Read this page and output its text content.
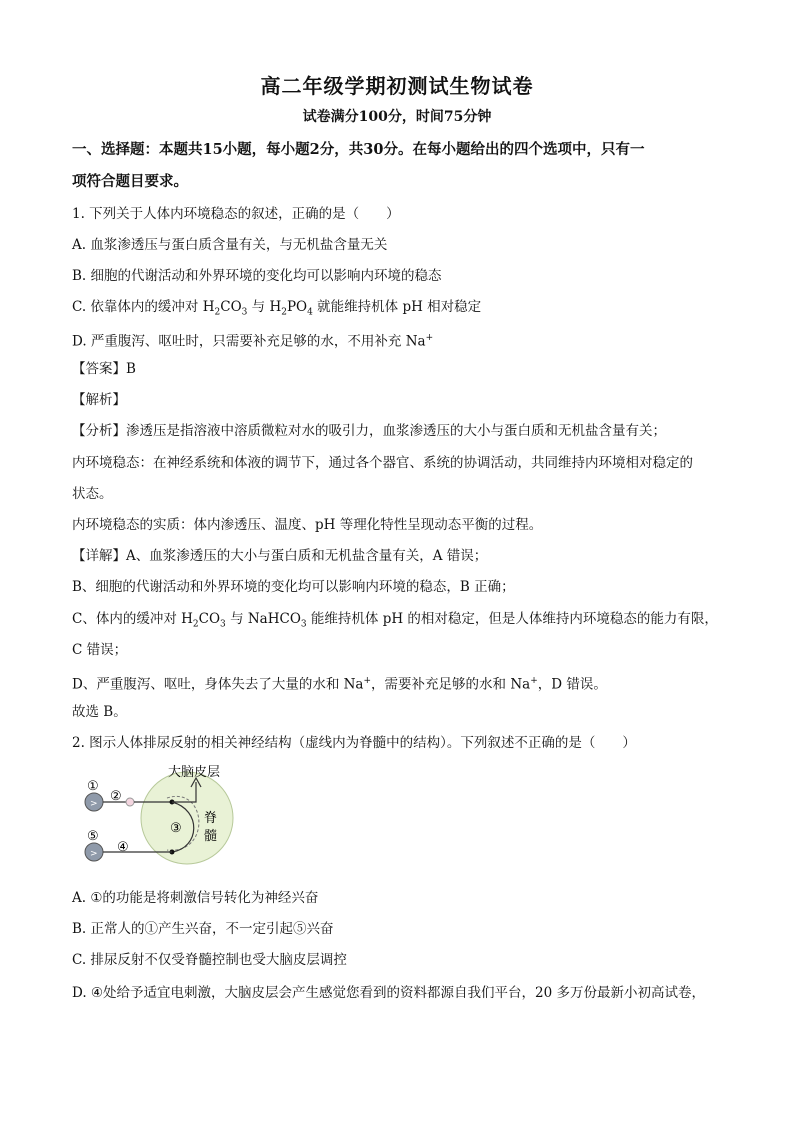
高二年级学期初测试生物试卷
试卷满分100分，时间75分钟
一、选择题：本题共15小题，每小题2分，共30分。在每小题给出的四个选项中，只有一
项符合题目要求。
1. 下列关于人体内环境稳态的叙述，正确的是（　　）
A. 血浆渗透压与蛋白质含量有关，与无机盐含量无关
B. 细胞的代谢活动和外界环境的变化均可以影响内环境的稳态
C. 依靠体内的缓冲对 $H_2CO_3$ 与 $H_2PO_4$ 就能维持机体 pH 相对稳定
D. 严重腹泻、呕吐时，只需要补充足够的水，不用补充 Na+
【答案】B
【解析】
【分析】渗透压是指溶液中溶质微粒对水的吸引力，血浆渗透压的大小与蛋白质和无机盐含量有关；
内环境稳态：在神经系统和体液的调节下，通过各个器官、系统的协调活动，共同维持内环境相对稳定的
状态。
内环境稳态的实质：体内渗透压、温度、pH 等理化特性呈现动态平衡的过程。
【详解】A、血浆渗透压的大小与蛋白质和无机盐含量有关，A 错误；
B、细胞的代谢活动和外界环境的变化均可以影响内环境的稳态，B 正确；
C、体内的缓冲对 $H_2CO_3$ 与 NaHCO$_3$ 能维持机体 pH 的相对稳定，但是人体维持内环境稳态的能力有限，
C 错误；
D、严重腹泻、呕吐，身体失去了大量的水和 Na+，需要补充足够的水和 Na+，D 错误。
故选 B。
2. 图示人体排尿反射的相关神经结构（虚线内为脊髓中的结构）。下列叙述不正确的是（　　）
>
>
①
②
③
④
⑤
大脑皮层
脊
髓
A. ①的功能是将刺激信号转化为神经兴奋
B. 正常人的①产生兴奋，不一定引起⑤兴奋
C. 排尿反射不仅受脊髓控制也受大脑皮层调控
D. ④处给予适宜电刺激，大脑皮层会产生感觉您看到的资料都源自我们平台，20 多万份最新小初高试卷，
